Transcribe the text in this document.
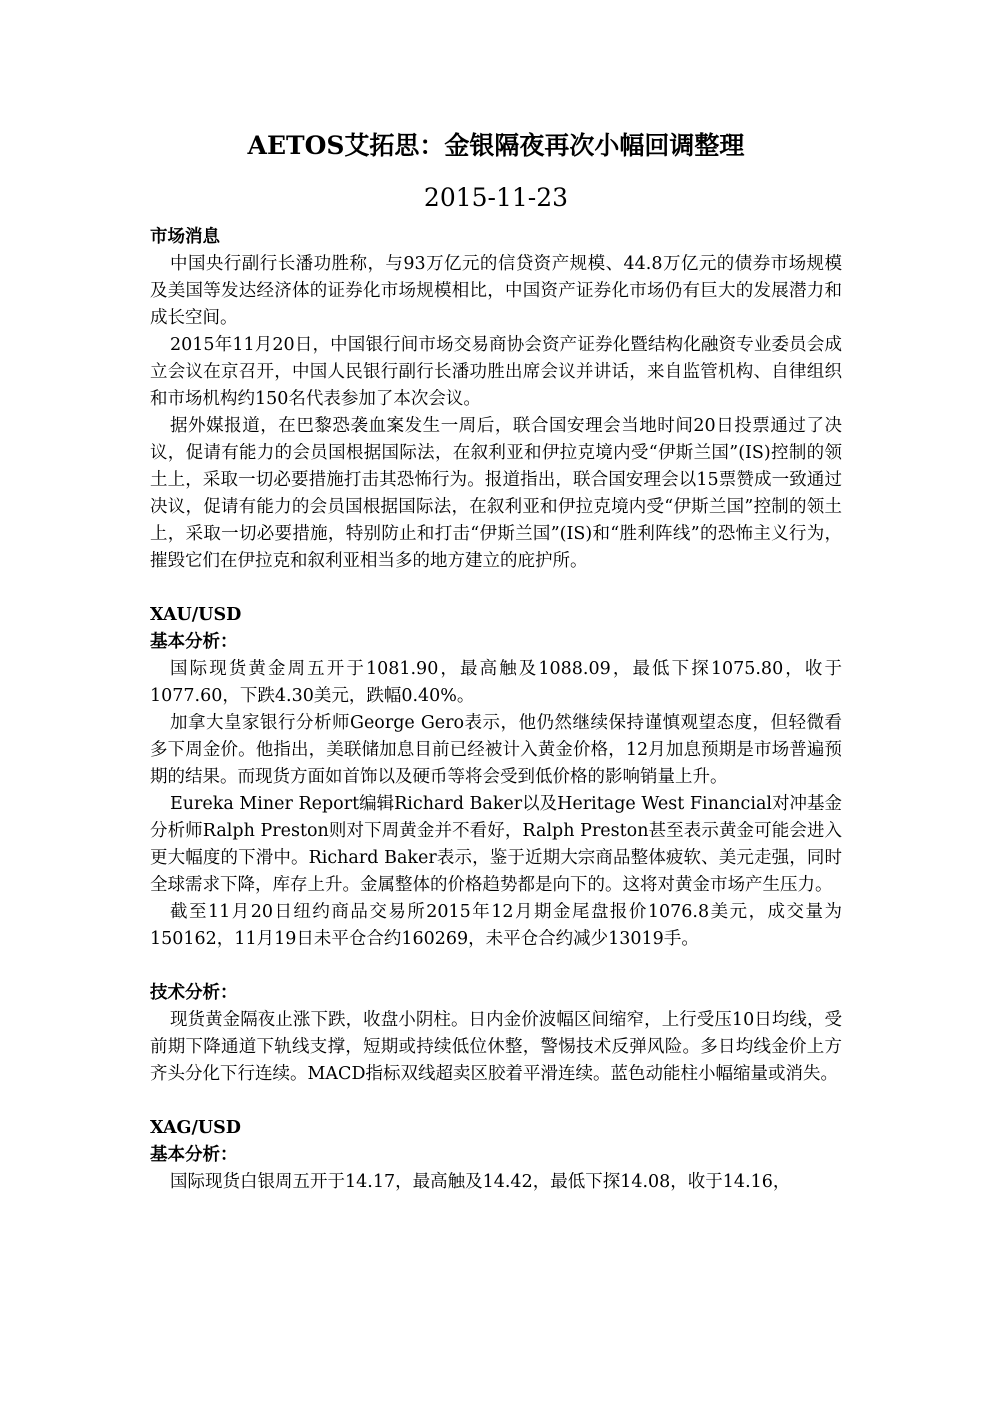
AETOS艾拓思：金银隔夜再次小幅回调整理
2015-11-23

市场消息

中国央行副行长潘功胜称，与93万亿元的信贷资产规模、44.8万亿元的债券市场规模及美国等发达经济体的证券化市场规模相比，中国资产证券化市场仍有巨大的发展潜力和成长空间。

2015年11月20日，中国银行间市场交易商协会资产证券化暨结构化融资专业委员会成立会议在京召开，中国人民银行副行长潘功胜出席会议并讲话，来自监管机构、自律组织和市场机构约150名代表参加了本次会议。

据外媒报道，在巴黎恐袭血案发生一周后，联合国安理会当地时间20日投票通过了决议，促请有能力的会员国根据国际法，在叙利亚和伊拉克境内受“伊斯兰国”(IS)控制的领土上，采取一切必要措施打击其恐怖行为。报道指出，联合国安理会以15票赞成一致通过决议，促请有能力的会员国根据国际法，在叙利亚和伊拉克境内受“伊斯兰国”控制的领土上，采取一切必要措施，特别防止和打击“伊斯兰国”(IS)和“胜利阵线”的恐怖主义行为，摧毁它们在伊拉克和叙利亚相当多的地方建立的庇护所。

XAU/USD

基本分析：

国际现货黄金周五开于1081.90，最高触及1088.09，最低下探1075.80，收于1077.60，下跌4.30美元，跌幅0.40%。

加拿大皇家银行分析师George Gero表示，他仍然继续保持谨慎观望态度，但轻微看多下周金价。他指出，美联储加息目前已经被计入黄金价格，12月加息预期是市场普遍预期的结果。而现货方面如首饰以及硬币等将会受到低价格的影响销量上升。

Eureka Miner Report编辑Richard Baker以及Heritage West Financial对冲基金分析师Ralph Preston则对下周黄金并不看好，Ralph Preston甚至表示黄金可能会进入更大幅度的下滑中。Richard Baker表示，鉴于近期大宗商品整体疲软、美元走强，同时全球需求下降，库存上升。金属整体的价格趋势都是向下的。这将对黄金市场产生压力。

截至11月20日纽约商品交易所2015年12月期金尾盘报价1076.8美元，成交量为150162，11月19日未平仓合约160269，未平仓合约减少13019手。

技术分析：

现货黄金隔夜止涨下跌，收盘小阴柱。日内金价波幅区间缩窄，上行受压10日均线，受前期下降通道下轨线支撑，短期或持续低位休整，警惕技术反弹风险。多日均线金价上方齐头分化下行连续。MACD指标双线超卖区胶着平滑连续。蓝色动能柱小幅缩量或消失。

XAG/USD

基本分析：

国际现货白银周五开于14.17，最高触及14.42，最低下探14.08，收于14.16，
